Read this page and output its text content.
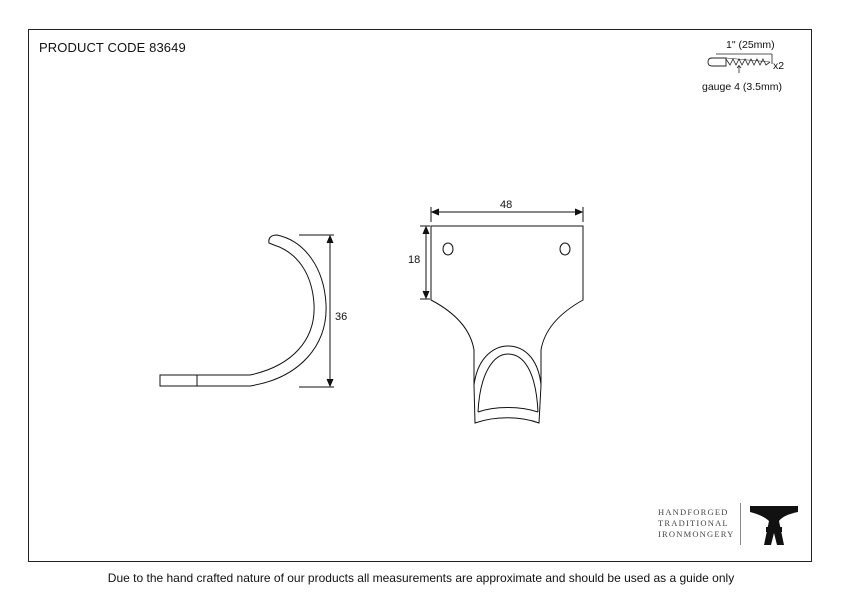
PRODUCT CODE 83649	1" (25mm)
x2
gauge 4 (3.5mm)
36
48
18
HANDFORGED
TRADITIONAL
IRONMONGERY
Due to the hand crafted nature of our products all measurements are approximate and should be used as a guide only
